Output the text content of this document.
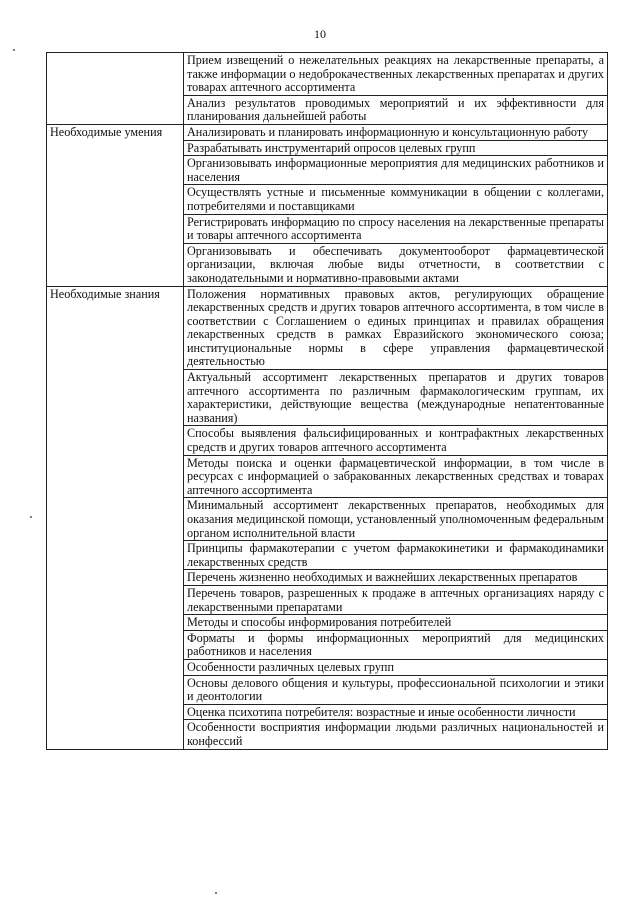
10
	Прием извещений о нежелательных реакциях на лекарственные препараты, а также информации о недоброкачественных лекарственных препаратах и других товарах аптечного ассортимента
	Анализ результатов проводимых мероприятий и их эффективности для планирования дальнейшей работы
Необходимые умения	Анализировать и планировать информационную и консультационную работу
	Разрабатывать инструментарий опросов целевых групп
	Организовывать информационные мероприятия для медицинских работников и населения
	Осуществлять устные и письменные коммуникации в общении с коллегами, потребителями и поставщиками
	Регистрировать информацию по спросу населения на лекарственные препараты и товары аптечного ассортимента
	Организовывать и обеспечивать документооборот фармацевтической организации, включая любые виды отчетности, в соответствии с законодательными и нормативно-правовыми актами
Необходимые знания	Положения нормативных правовых актов, регулирующих обращение лекарственных средств и других товаров аптечного ассортимента, в том числе в соответствии с Соглашением о единых принципах и правилах обращения лекарственных средств в рамках Евразийского экономического союза; институциональные нормы в сфере управления фармацевтической деятельностью
	Актуальный ассортимент лекарственных препаратов и других товаров аптечного ассортимента по различным фармакологическим группам, их характеристики, действующие вещества (международные непатентованные названия)
	Способы выявления фальсифицированных и контрафактных лекарственных средств и других товаров аптечного ассортимента
	Методы поиска и оценки фармацевтической информации, в том числе в ресурсах с информацией о забракованных лекарственных средствах и товарах аптечного ассортимента
	Минимальный ассортимент лекарственных препаратов, необходимых для оказания медицинской помощи, установленный уполномоченным федеральным органом исполнительной власти
	Принципы фармакотерапии с учетом фармакокинетики и фармакодинамики лекарственных средств
	Перечень жизненно необходимых и важнейших лекарственных препаратов
	Перечень товаров, разрешенных к продаже в аптечных организациях наряду с лекарственными препаратами
	Методы и способы информирования потребителей
	Форматы и формы информационных мероприятий для медицинских работников и населения
	Особенности различных целевых групп
	Основы делового общения и культуры, профессиональной психологии и этики и деонтологии
	Оценка психотипа потребителя: возрастные и иные особенности личности
	Особенности восприятия информации людьми различных национальностей и конфессий
